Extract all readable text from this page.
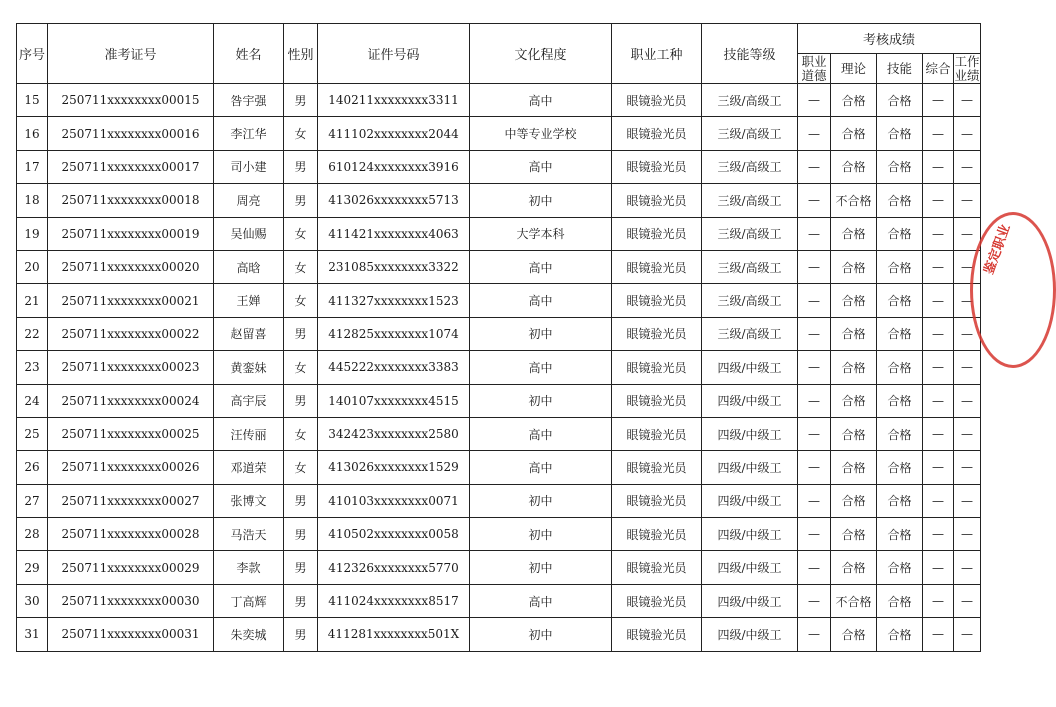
序号	准考证号	姓名	性别	证件号码	文化程度	职业工种	技能等级	考核成绩				
								职业道德	理论	技能	综合	工作业绩
15	250711xxxxxxxx00015	咎宇强	男	140211xxxxxxxx3311	高中	眼镜验光员	三级/高级工	—	合格	合格	—	—
16	250711xxxxxxxx00016	李江华	女	411102xxxxxxxx2044	中等专业学校	眼镜验光员	三级/高级工	—	合格	合格	—	—
17	250711xxxxxxxx00017	司小建	男	610124xxxxxxxx3916	高中	眼镜验光员	三级/高级工	—	合格	合格	—	—
18	250711xxxxxxxx00018	周亮	男	413026xxxxxxxx5713	初中	眼镜验光员	三级/高级工	—	不合格	合格	—	—
19	250711xxxxxxxx00019	吴仙赐	女	411421xxxxxxxx4063	大学本科	眼镜验光员	三级/高级工	—	合格	合格	—	—
20	250711xxxxxxxx00020	高晗	女	231085xxxxxxxx3322	高中	眼镜验光员	三级/高级工	—	合格	合格	—	—
21	250711xxxxxxxx00021	王婵	女	411327xxxxxxxx1523	高中	眼镜验光员	三级/高级工	—	合格	合格	—	—
22	250711xxxxxxxx00022	赵留喜	男	412825xxxxxxxx1074	初中	眼镜验光员	三级/高级工	—	合格	合格	—	—
23	250711xxxxxxxx00023	黄銮妹	女	445222xxxxxxxx3383	高中	眼镜验光员	四级/中级工	—	合格	合格	—	—
24	250711xxxxxxxx00024	高宇辰	男	140107xxxxxxxx4515	初中	眼镜验光员	四级/中级工	—	合格	合格	—	—
25	250711xxxxxxxx00025	汪传丽	女	342423xxxxxxxx2580	高中	眼镜验光员	四级/中级工	—	合格	合格	—	—
26	250711xxxxxxxx00026	邓道荣	女	413026xxxxxxxx1529	高中	眼镜验光员	四级/中级工	—	合格	合格	—	—
27	250711xxxxxxxx00027	张博文	男	410103xxxxxxxx0071	初中	眼镜验光员	四级/中级工	—	合格	合格	—	—
28	250711xxxxxxxx00028	马浩天	男	410502xxxxxxxx0058	初中	眼镜验光员	四级/中级工	—	合格	合格	—	—
29	250711xxxxxxxx00029	李款	男	412326xxxxxxxx5770	初中	眼镜验光员	四级/中级工	—	合格	合格	—	—
30	250711xxxxxxxx00030	丁高辉	男	411024xxxxxxxx8517	高中	眼镜验光员	四级/中级工	—	不合格	合格	—	—
31	250711xxxxxxxx00031	朱奕城	男	411281xxxxxxxx501X	初中	眼镜验光员	四级/中级工	—	合格	合格	—	—
鉴定职业
